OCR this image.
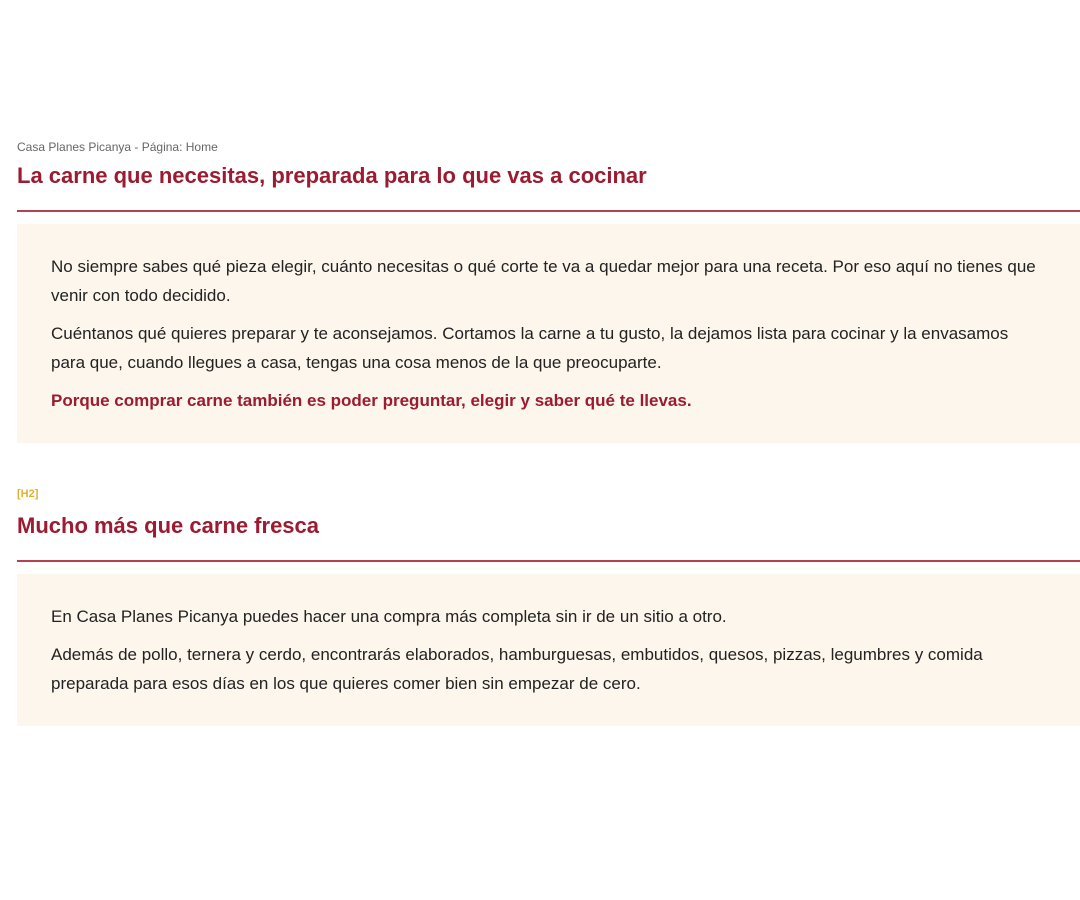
Casa Planes Picanya - Página: Home
La carne que necesitas, preparada para lo que vas a cocinar

No siempre sabes qué pieza elegir, cuánto necesitas o qué corte te va a quedar mejor para una receta. Por eso aquí no tienes que venir con todo decidido.

Cuéntanos qué quieres preparar y te aconsejamos. Cortamos la carne a tu gusto, la dejamos lista para cocinar y la envasamos para que, cuando llegues a casa, tengas una cosa menos de la que preocuparte.

Porque comprar carne también es poder preguntar, elegir y saber qué te llevas.

[H2]
Mucho más que carne fresca

En Casa Planes Picanya puedes hacer una compra más completa sin ir de un sitio a otro.

Además de pollo, ternera y cerdo, encontrarás elaborados, hamburguesas, embutidos, quesos, pizzas, legumbres y comida preparada para esos días en los que quieres comer bien sin empezar de cero.
